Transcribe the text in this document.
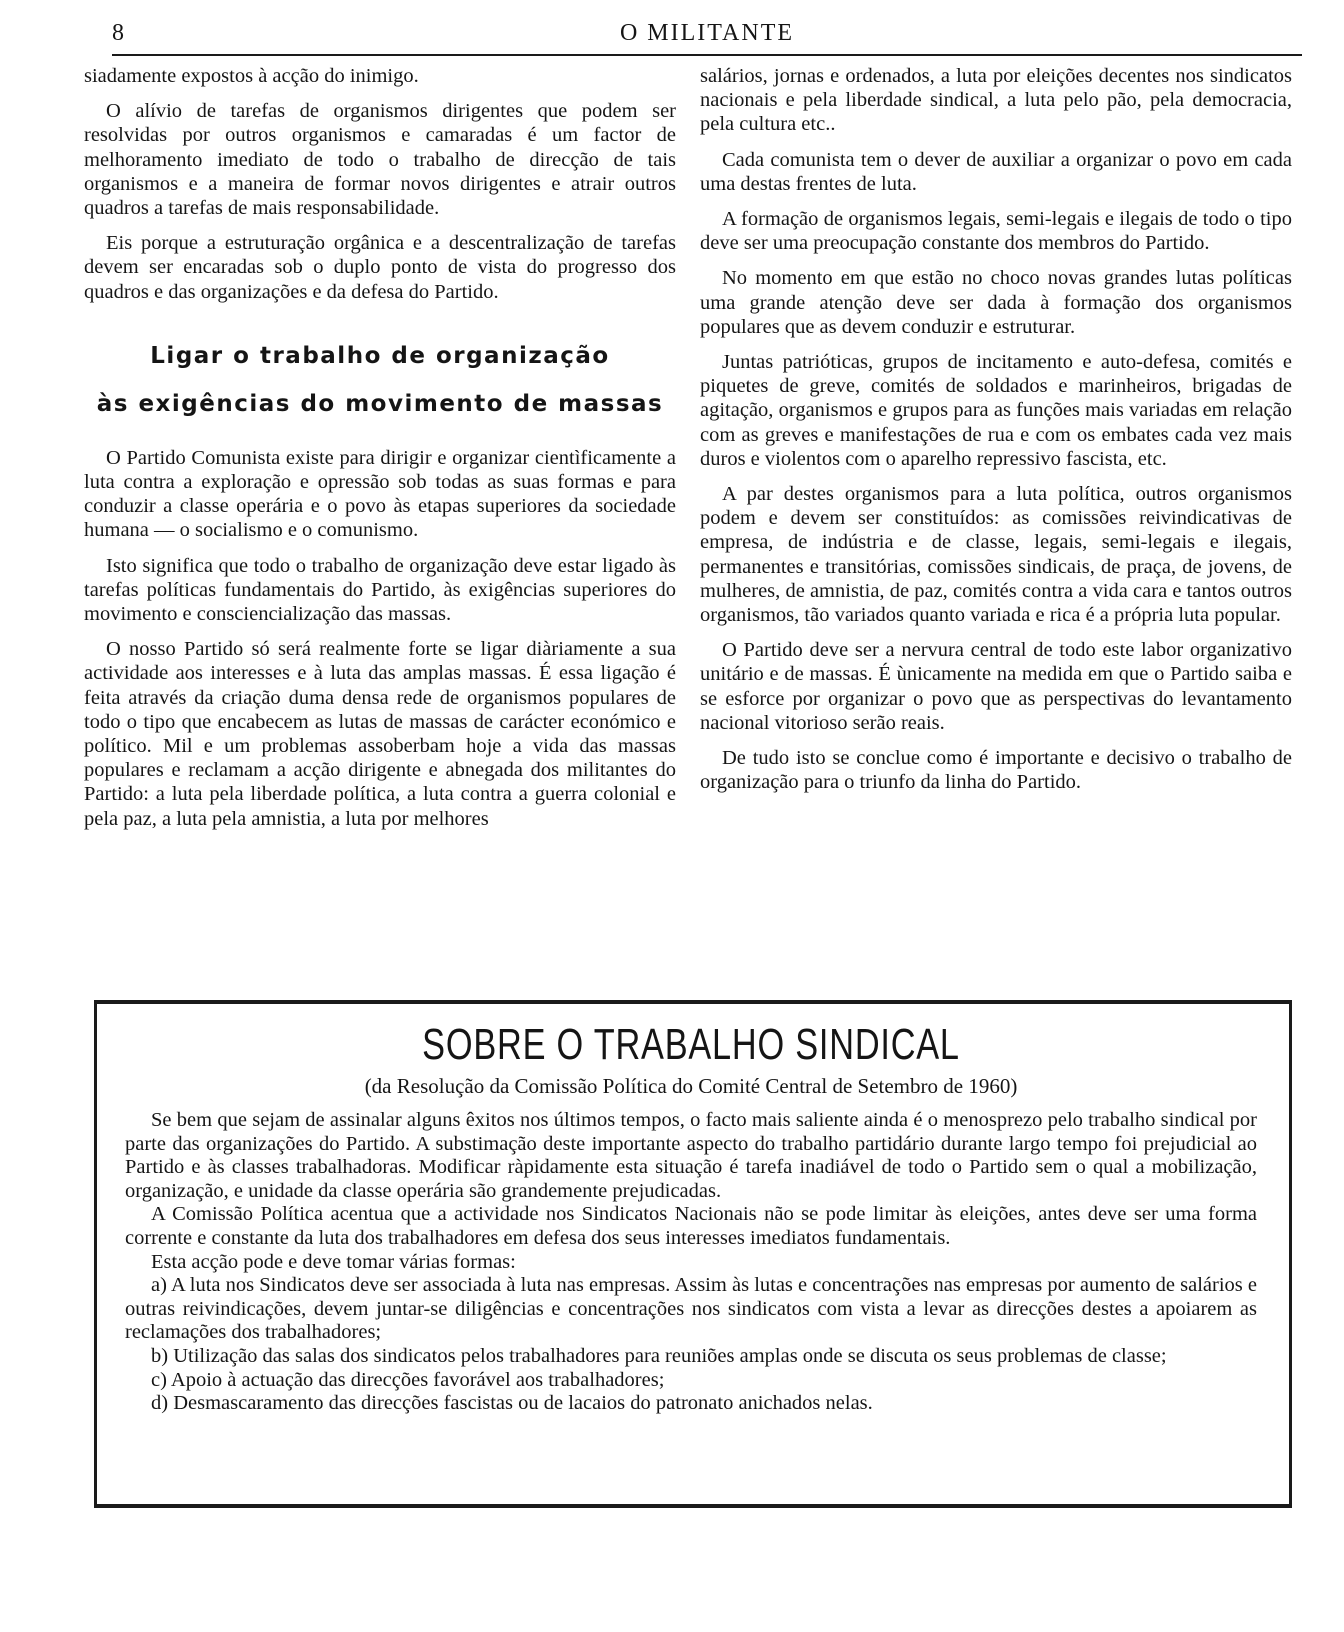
8	O MILITANTE

siadamente expostos à acção do inimigo.

O alívio de tarefas de organismos dirigentes que podem ser resolvidas por outros organismos e camaradas é um factor de melhoramento imediato de todo o trabalho de direcção de tais organismos e a maneira de formar novos dirigentes e atrair outros quadros a tarefas de mais responsabilidade.

Eis porque a estruturação orgânica e a descentralização de tarefas devem ser encaradas sob o duplo ponto de vista do progresso dos quadros e das organizações e da defesa do Partido.

Ligar o trabalho de organização
às exigências do movimento de massas

O Partido Comunista existe para dirigir e organizar cientìficamente a luta contra a exploração e opressão sob todas as suas formas e para conduzir a classe operária e o povo às etapas superiores da sociedade humana — o socialismo e o comunismo.

Isto significa que todo o trabalho de organização deve estar ligado às tarefas políticas fundamentais do Partido, às exigências superiores do movimento e consciencialização das massas.

O nosso Partido só será realmente forte se ligar diàriamente a sua actividade aos interesses e à luta das amplas massas. É essa ligação é feita através da criação duma densa rede de organismos populares de todo o tipo que encabecem as lutas de massas de carácter económico e político. Mil e um problemas assoberbam hoje a vida das massas populares e reclamam a acção dirigente e abnegada dos militantes do Partido: a luta pela liberdade política, a luta contra a guerra colonial e pela paz, a luta pela amnistia, a luta por melhores

salários, jornas e ordenados, a luta por eleições decentes nos sindicatos nacionais e pela liberdade sindical, a luta pelo pão, pela democracia, pela cultura etc..

Cada comunista tem o dever de auxiliar a organizar o povo em cada uma destas frentes de luta.

A formação de organismos legais, semi-legais e ilegais de todo o tipo deve ser uma preocupação constante dos membros do Partido.

No momento em que estão no choco novas grandes lutas políticas uma grande atenção deve ser dada à formação dos organismos populares que as devem conduzir e estruturar.

Juntas patrióticas, grupos de incitamento e auto-defesa, comités e piquetes de greve, comités de soldados e marinheiros, brigadas de agitação, organismos e grupos para as funções mais variadas em relação com as greves e manifestações de rua e com os embates cada vez mais duros e violentos com o aparelho repressivo fascista, etc.

A par destes organismos para a luta política, outros organismos podem e devem ser constituídos: as comissões reivindicativas de empresa, de indústria e de classe, legais, semi-legais e ilegais, permanentes e transitórias, comissões sindicais, de praça, de jovens, de mulheres, de amnistia, de paz, comités contra a vida cara e tantos outros organismos, tão variados quanto variada e rica é a própria luta popular.

O Partido deve ser a nervura central de todo este labor organizativo unitário e de massas. É ùnicamente na medida em que o Partido saiba e se esforce por organizar o povo que as perspectivas do levantamento nacional vitorioso serão reais.

De tudo isto se conclue como é importante e decisivo o trabalho de organização para o triunfo da linha do Partido.

SOBRE O TRABALHO SINDICAL
(da Resolução da Comissão Política do Comité Central de Setembro de 1960)

Se bem que sejam de assinalar alguns êxitos nos últimos tempos, o facto mais saliente ainda é o menosprezo pelo trabalho sindical por parte das organizações do Partido. A substimação deste importante aspecto do trabalho partidário durante largo tempo foi prejudicial ao Partido e às classes trabalhadoras. Modificar ràpidamente esta situação é tarefa inadiável de todo o Partido sem o qual a mobilização, organização, e unidade da classe operária são grandemente prejudicadas.

A Comissão Política acentua que a actividade nos Sindicatos Nacionais não se pode limitar às eleições, antes deve ser uma forma corrente e constante da luta dos trabalhadores em defesa dos seus interesses imediatos fundamentais.

Esta acção pode e deve tomar várias formas:

a) A luta nos Sindicatos deve ser associada à luta nas empresas. Assim às lutas e concentrações nas empresas por aumento de salários e outras reivindicações, devem juntar-se diligências e concentrações nos sindicatos com vista a levar as direcções destes a apoiarem as reclamações dos trabalhadores;

b) Utilização das salas dos sindicatos pelos trabalhadores para reuniões amplas onde se discuta os seus problemas de classe;

c) Apoio à actuação das direcções favorável aos trabalhadores;

d) Desmascaramento das direcções fascistas ou de lacaios do patronato anichados nelas.
